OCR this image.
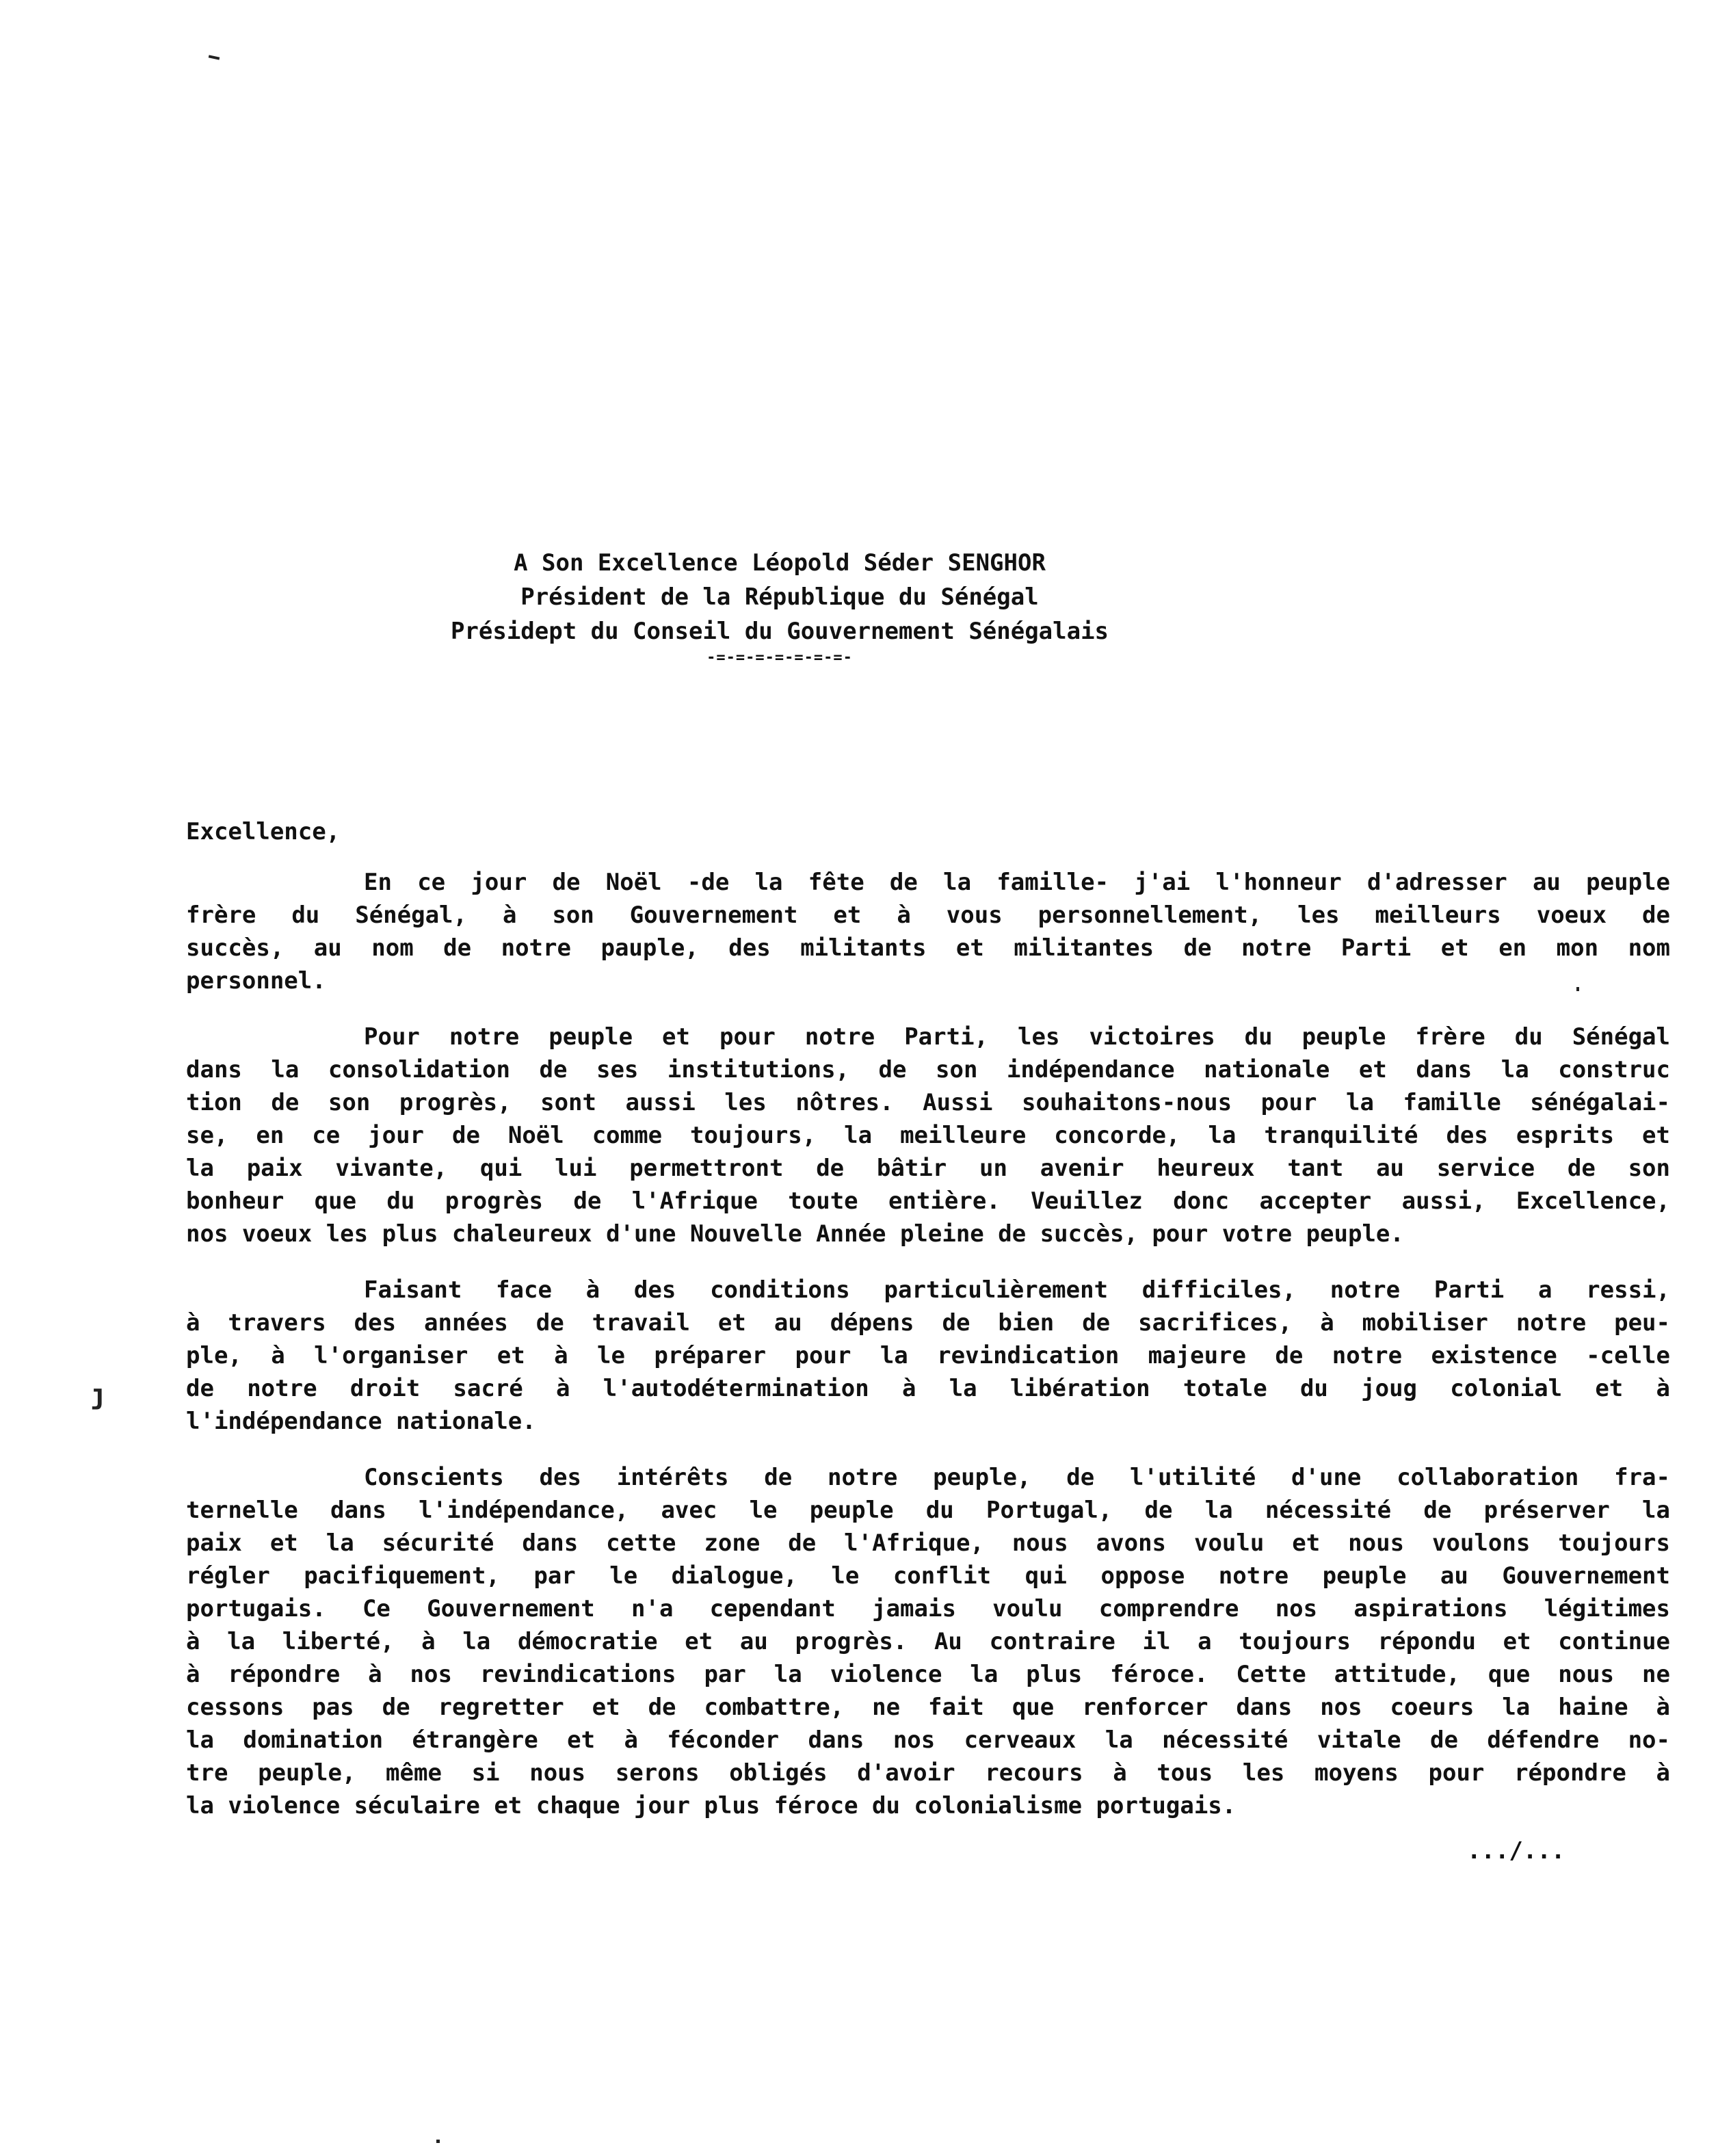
A Son Excellence Léopold Séder SENGHOR
Président de la République du Sénégal
Présidept du Conseil du Gouvernement Sénégalais
-=-=-=-=-=-=-=-
ȷ
Excellence,
En ce jour de Noël -de la fête de la famille- j'ai l'honneur d'adresser au peuple
frère du Sénégal, à son Gouvernement et à vous personnellement, les meilleurs voeux de
succès, au nom de notre pauple, des militants et militantes de notre Parti et en mon nom
personnel.
Pour notre peuple et pour notre Parti, les victoires du peuple frère du Sénégal
dans la consolidation de ses institutions, de son indépendance nationale et dans la construc
tion de son progrès, sont aussi les nôtres. Aussi souhaitons-nous pour la famille sénégalai-
se, en ce jour de Noël comme toujours, la meilleure concorde, la tranquilité des esprits et
la paix vivante, qui lui permettront de bâtir un avenir heureux tant au service de son
bonheur que du progrès de l'Afrique toute entière. Veuillez donc accepter aussi, Excellence,
nos voeux les plus chaleureux d'une Nouvelle Année pleine de succès, pour votre peuple.
Faisant face à des conditions particulièrement difficiles, notre Parti a ressi,
à travers des années de travail et au dépens de bien de sacrifices, à mobiliser notre peu-
ple, à l'organiser et à le préparer pour la revindication majeure de notre existence -celle
de notre droit sacré à l'autodétermination à la libération totale du joug colonial et à
l'indépendance nationale.
Conscients des intérêts de notre peuple, de l'utilité d'une collaboration fra-
ternelle dans l'indépendance, avec le peuple du Portugal, de la nécessité de préserver la
paix et la sécurité dans cette zone de l'Afrique, nous avons voulu et nous voulons toujours
régler pacifiquement, par le dialogue, le conflit qui oppose notre peuple au Gouvernement
portugais. Ce Gouvernement n'a cependant jamais voulu comprendre nos aspirations légitimes
à la liberté, à la démocratie et au progrès. Au contraire il a toujours répondu et continue
à répondre à nos revindications par la violence la plus féroce. Cette attitude, que nous ne
cessons pas de regretter et de combattre, ne fait que renforcer dans nos coeurs la haine à
la domination étrangère et à féconder dans nos cerveaux la nécessité vitale de défendre no-
tre peuple, même si nous serons obligés d'avoir recours à tous les moyens pour répondre à
la violence séculaire et chaque jour plus féroce du colonialisme portugais.
.../...
